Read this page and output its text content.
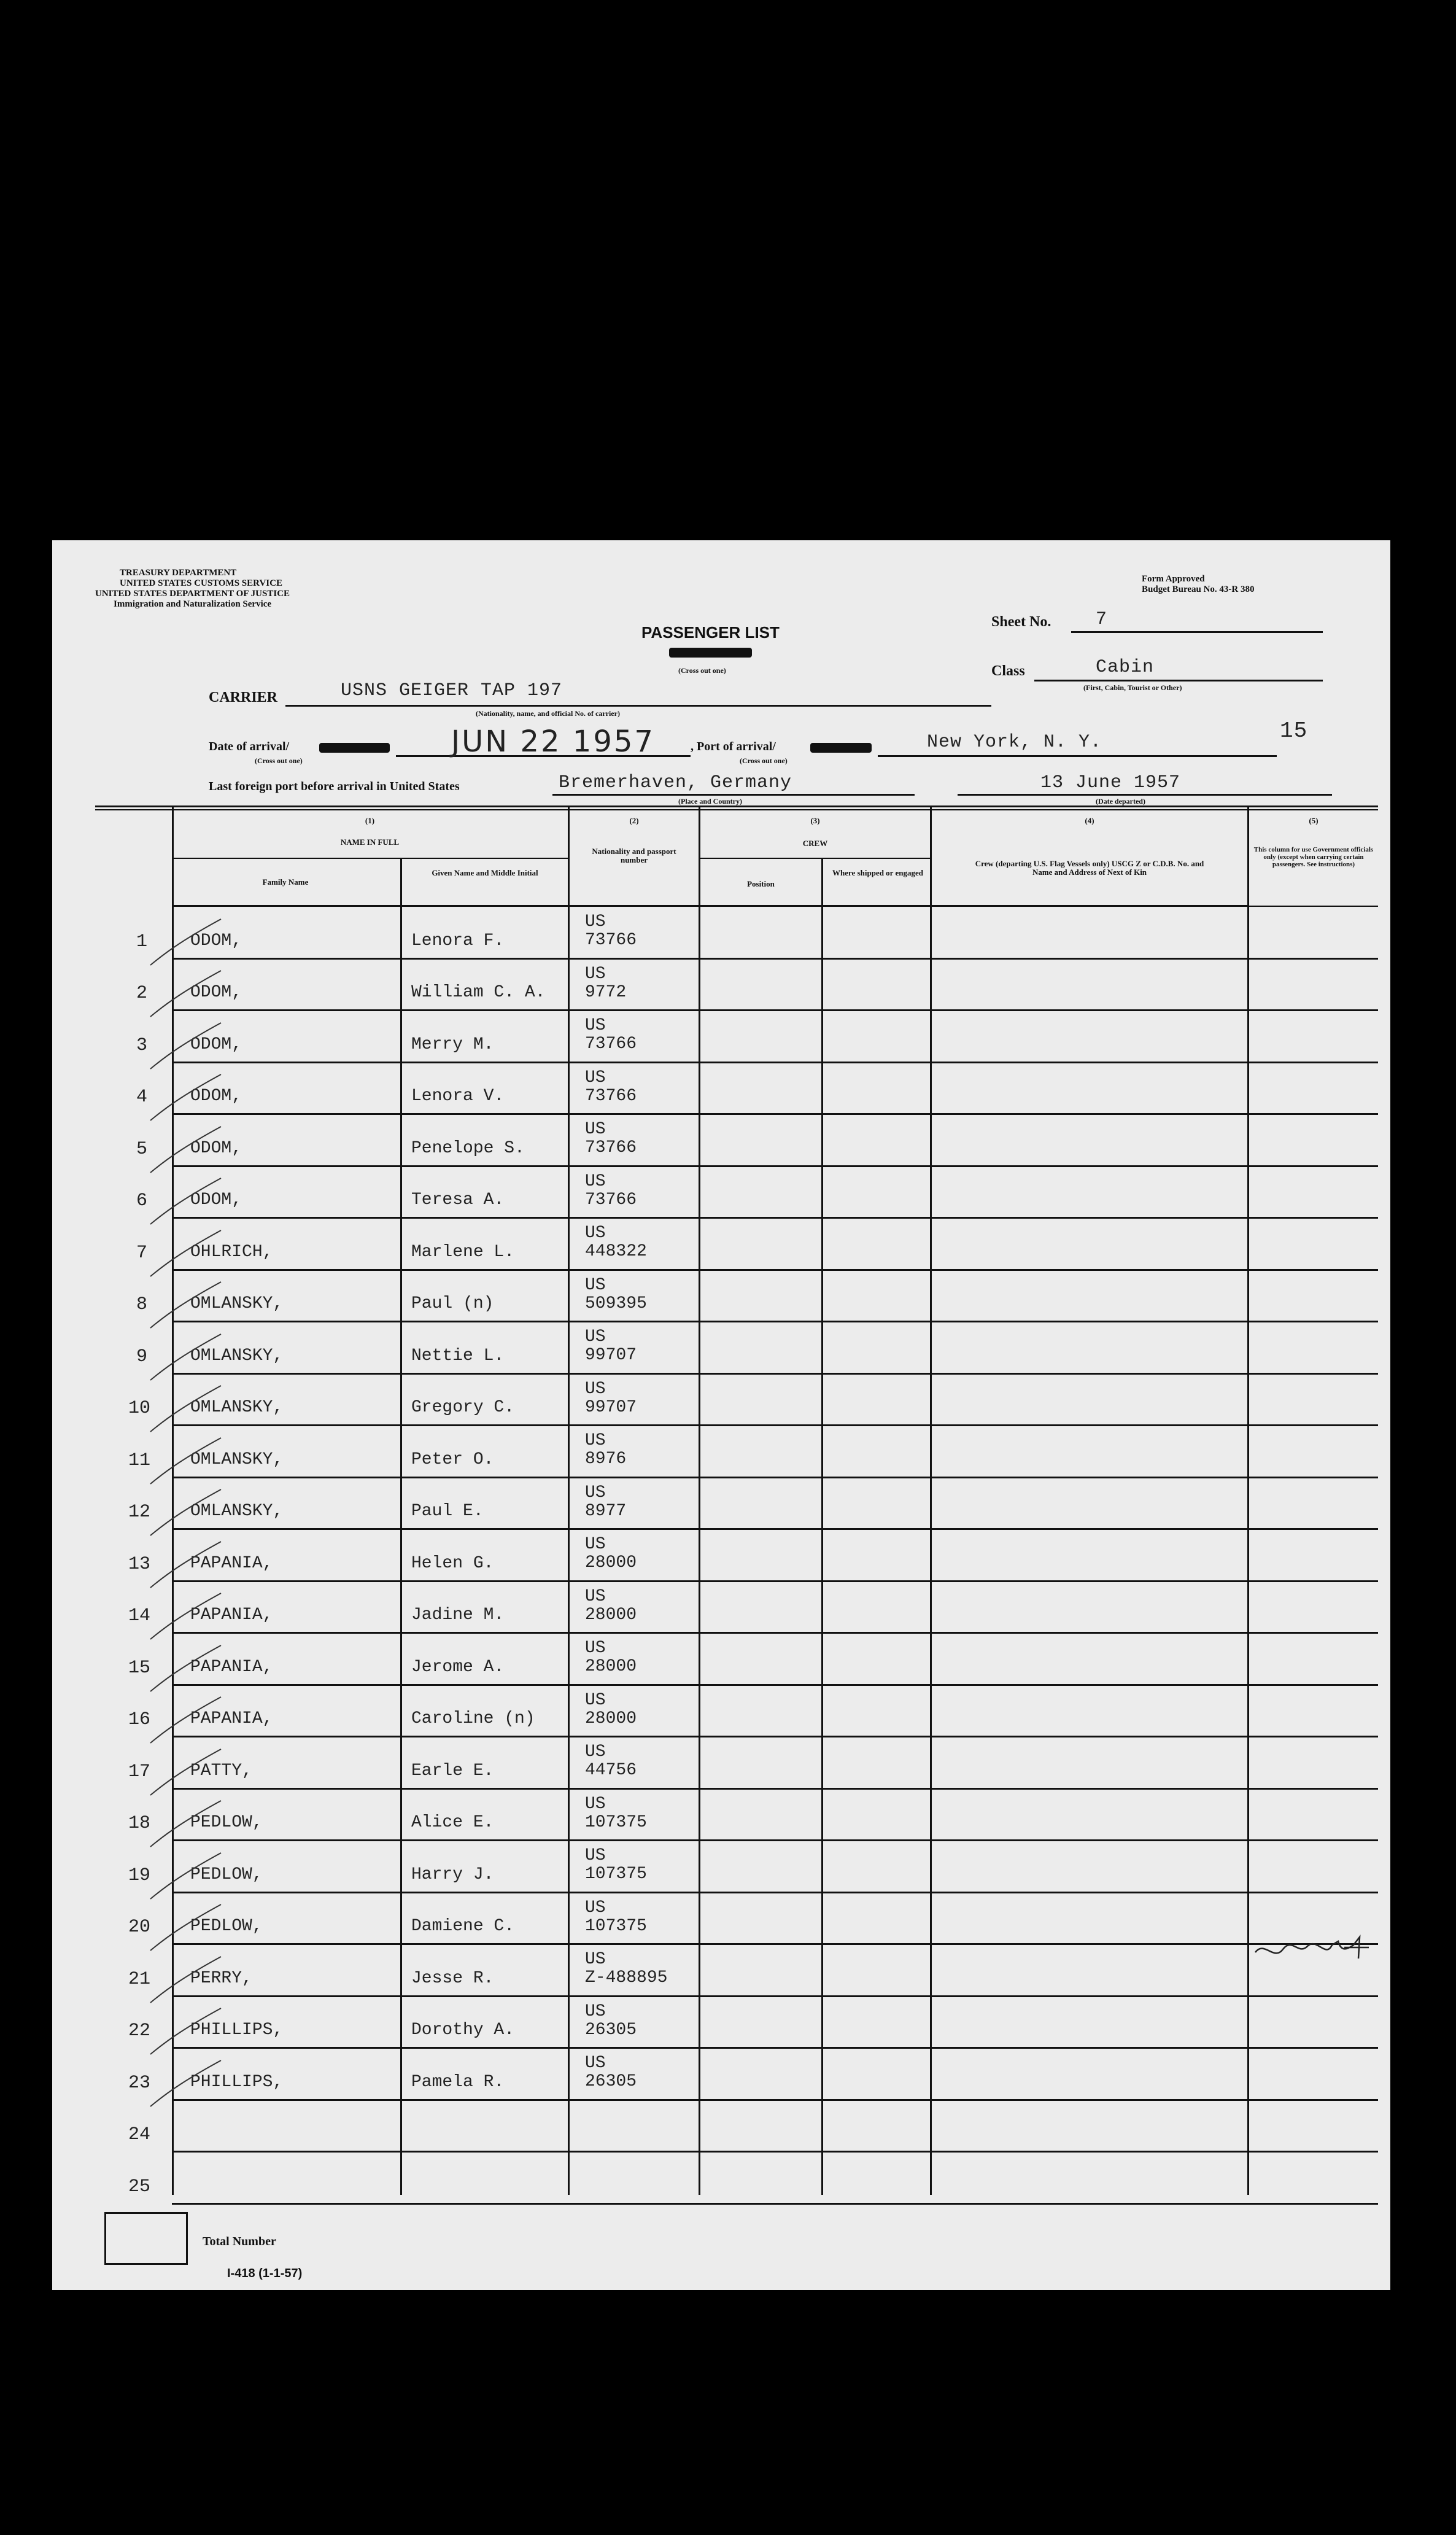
TREASURY DEPARTMENT
UNITED STATES CUSTOMS SERVICE
UNITED STATES DEPARTMENT OF JUSTICE
Immigration and Naturalization Service
Form Approved
Budget Bureau No. 43-R 380
PASSENGER LIST
(Cross out one)
Sheet No. 7
Class	Cabin
(First, Cabin, Tourist or Other)
CARRIER	USNS GEIGER TAP 197
(Nationality, name, and official No. of carrier)
Date of arrival/
(Cross out one)
JUN 22 1957	, Port of arrival/
(Cross out one)
New York, N. Y.	15
Last foreign port before arrival in United States	Bremerhaven, Germany
(Place and Country)
13 June 1957
(Date departed)
(1)
NAME IN FULL
Family Name
Given Name and Middle Initial
(2)
Nationality and passport number
(3)
CREW
Position
Where shipped or engaged
(4)
Crew (departing U.S. Flag Vessels only) USCG Z or C.D.B. No. and Name and Address of Next of Kin
(5)
This column for use Government officials only (except when carrying certain passengers. See instructions)
1	ODOM,	Lenora F.
US
73766
2	ODOM,	William C. A.
US
9772
3	ODOM,	Merry M.
US
73766
4	ODOM,	Lenora V.
US
73766
5	ODOM,	Penelope S.
US
73766
6	ODOM,	Teresa A.
US
73766
7	OHLRICH,	Marlene L.
US
448322
8	OMLANSKY,	Paul (n)
US
509395
9	OMLANSKY,	Nettie L.
US
99707
10 OMLANSKY,	Gregory C.
US
99707
11 OMLANSKY,	Peter O.
US
8976
12 OMLANSKY,	Paul E.
US
8977
13 PAPANIA,	Helen G.
US
28000
14 PAPANIA,	Jadine M.
US
28000
15 PAPANIA,	Jerome A.
US
28000
16 PAPANIA,	Caroline (n)
US
28000
17 PATTY,	Earle E.
US
44756
18 PEDLOW,	Alice E.
US
107375
19 PEDLOW,	Harry J.
US
107375
20 PEDLOW,	Damiene C.
US
107375
21 PERRY,	Jesse R.
US
Z-488895
22 PHILLIPS,	Dorothy A.
US
26305
23 PHILLIPS,	Pamela R.
US
26305
24
25
Total Number
I-418 (1-1-57)
